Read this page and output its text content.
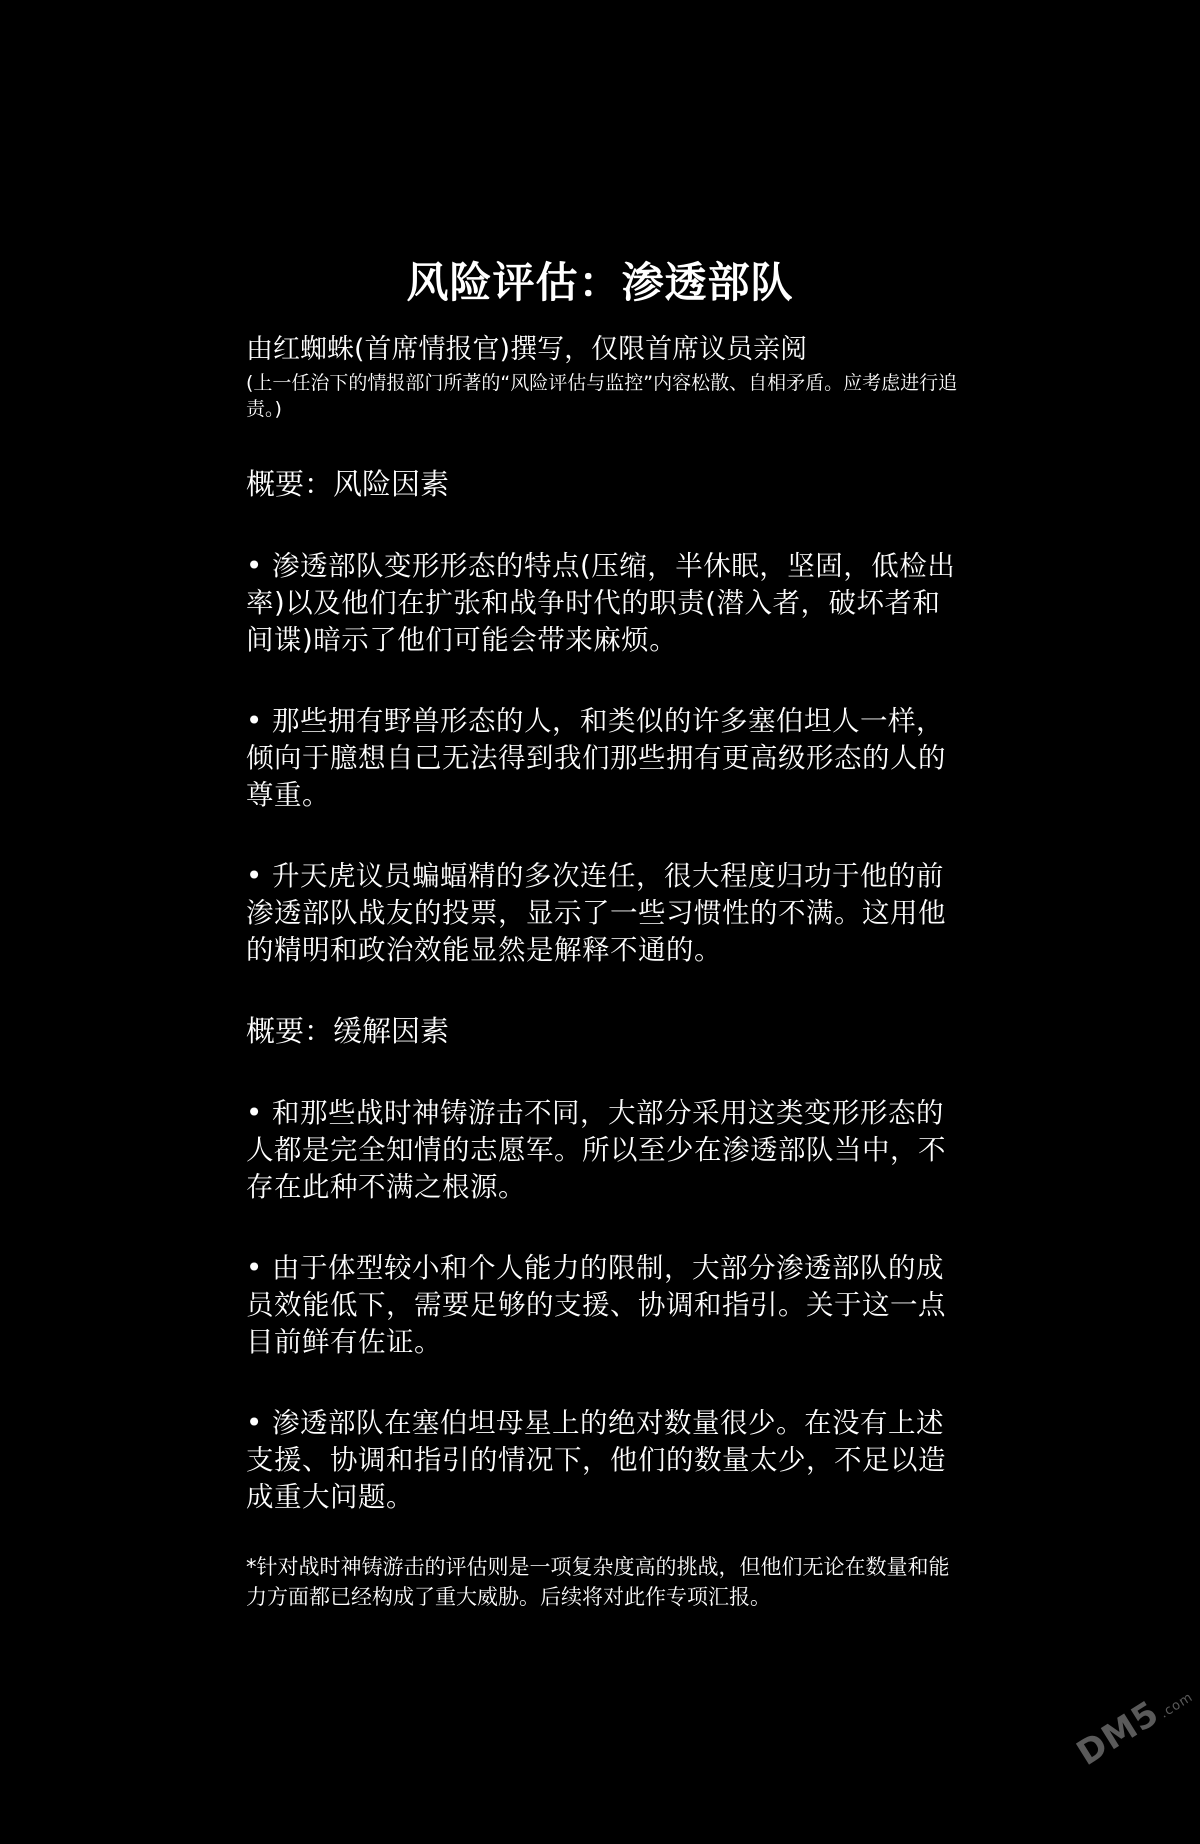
风险评估：渗透部队

由红蜘蛛(首席情报官)撰写，仅限首席议员亲阅

(上一任治下的情报部门所著的“风险评估与监控”内容松散、自相矛盾。应考虑进行追责。)

概要：风险因素

• 渗透部队变形形态的特点(压缩，半休眠，坚固，低检出率)以及他们在扩张和战争时代的职责(潜入者，破坏者和间谍)暗示了他们可能会带来麻烦。

• 那些拥有野兽形态的人，和类似的许多塞伯坦人一样，倾向于臆想自己无法得到我们那些拥有更高级形态的人的尊重。

• 升天虎议员蝙蝠精的多次连任，很大程度归功于他的前渗透部队战友的投票，显示了一些习惯性的不满。这用他的精明和政治效能显然是解释不通的。

概要：缓解因素

• 和那些战时神铸游击不同，大部分采用这类变形形态的人都是完全知情的志愿军。所以至少在渗透部队当中，不存在此种不满之根源。

• 由于体型较小和个人能力的限制，大部分渗透部队的成员效能低下，需要足够的支援、协调和指引。关于这一点目前鲜有佐证。

• 渗透部队在塞伯坦母星上的绝对数量很少。在没有上述支援、协调和指引的情况下，他们的数量太少，不足以造成重大问题。

*针对战时神铸游击的评估则是一项复杂度高的挑战，但他们无论在数量和能力方面都已经构成了重大威胁。后续将对此作专项汇报。

DM5.com
